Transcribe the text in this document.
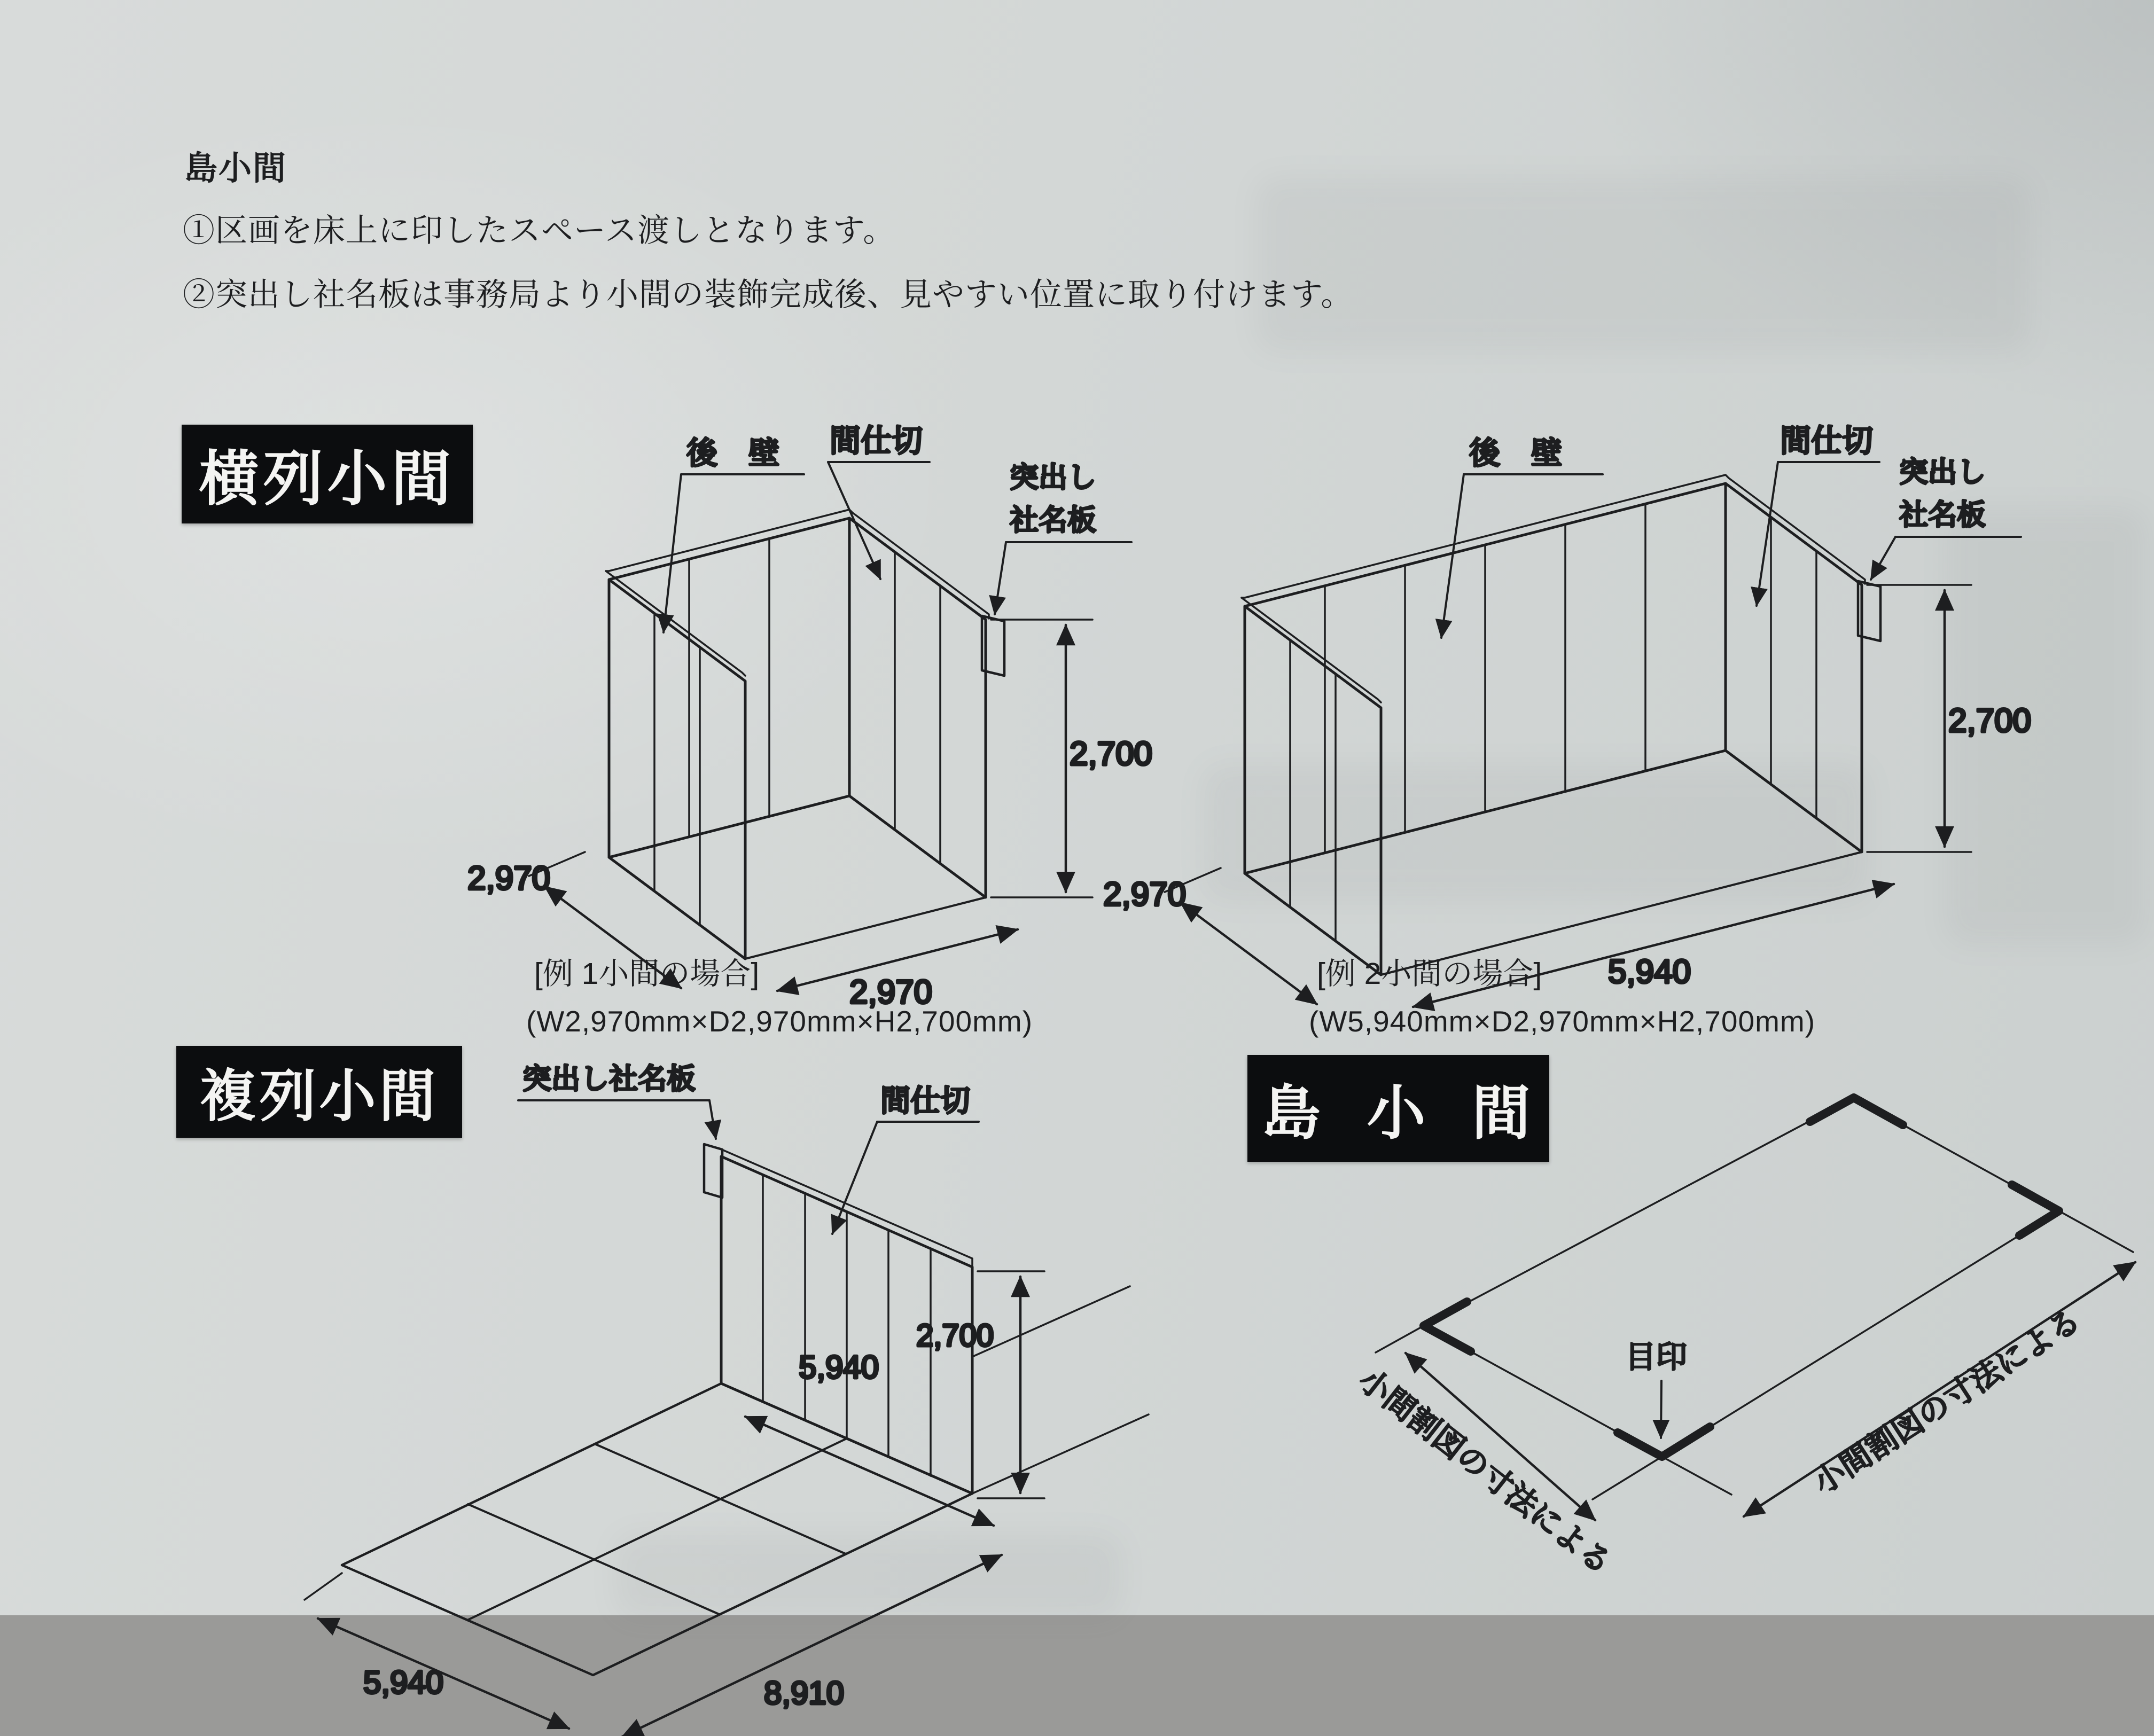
島小間
①区画を床上に印したスペース渡しとなります。
②突出し社名板は事務局より小間の装飾完成後、見やすい位置に取り付けます。
横列小間
2,700
2,970
2,970
後　壁 間仕切
突出し
社名板
[例 1小間の場合]
(W2,970mm×D2,970mm×H2,700mm)
2,700
2,970
5,940
後　壁	間仕切
突出し
社名板
[例 2小間の場合]
(W5,940mm×D2,970mm×H2,700mm)
複列小間
5,940
2,700
5,940	8,910
突出し社名板
間仕切	島 小 間
目印	小間割図の寸法による
小間割図の寸法による
